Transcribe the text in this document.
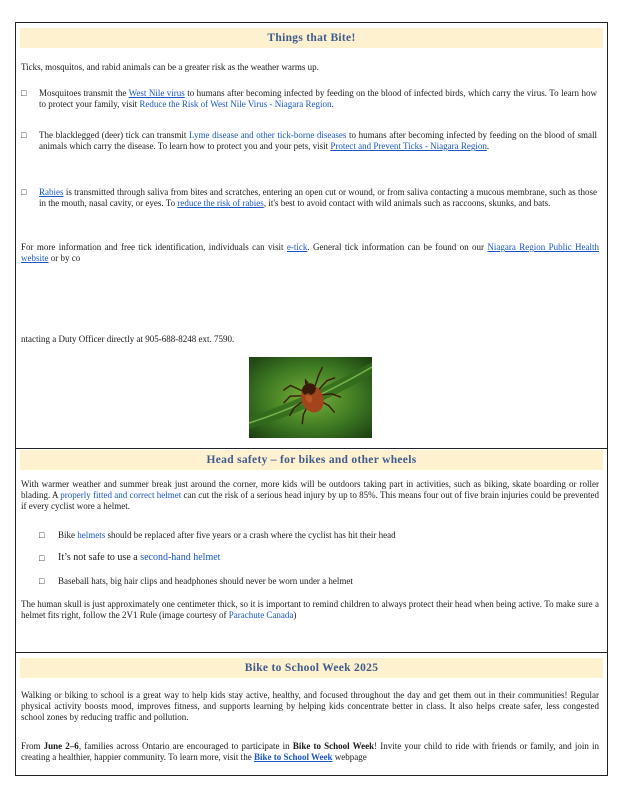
Things that Bite!
Ticks, mosquitos, and rabid animals can be a greater risk as the weather warms up.
□ Mosquitoes transmit the West Nile virus to humans after becoming infected by feeding on the blood of infected birds, which carry the virus. To learn how to protect your family, visit Reduce the Risk of West Nile Virus - Niagara Region.
□ The blacklegged (deer) tick can transmit Lyme disease and other tick-borne diseases to humans after becoming infected by feeding on the blood of small animals which carry the disease. To learn how to protect you and your pets, visit Protect and Prevent Ticks - Niagara Region.
□ Rabies is transmitted through saliva from bites and scratches, entering an open cut or wound, or from saliva contacting a mucous membrane, such as those in the mouth, nasal cavity, or eyes. To reduce the risk of rabies, it's best to avoid contact with wild animals such as raccoons, skunks, and bats.
For more information and free tick identification, individuals can visit e-tick. General tick information can be found on our Niagara Region Public Health website or by co
ntacting a Duty Officer directly at 905-688-8248 ext. 7590.
Head safety – for bikes and other wheels
With warmer weather and summer break just around the corner, more kids will be outdoors taking part in activities, such as biking, skate boarding or roller blading. A properly fitted and correct helmet can cut the risk of a serious head injury by up to 85%. This means four out of five brain injuries could be prevented if every cyclist wore a helmet.
□ Bike helmets should be replaced after five years or a crash where the cyclist has hit their head
□ It’s not safe to use a second-hand helmet
□ Baseball hats, big hair clips and headphones should never be worn under a helmet
The human skull is just approximately one centimeter thick, so it is important to remind children to always protect their head when being active. To make sure a helmet fits right, follow the 2V1 Rule (image courtesy of Parachute Canada)
Bike to School Week 2025
Walking or biking to school is a great way to help kids stay active, healthy, and focused throughout the day and get them out in their communities! Regular physical activity boosts mood, improves fitness, and supports learning by helping kids concentrate better in class. It also helps create safer, less congested school zones by reducing traffic and pollution.
From June 2–6, families across Ontario are encouraged to participate in Bike to School Week! Invite your child to ride with friends or family, and join in creating a healthier, happier community. To learn more, visit the Bike to School Week webpage
